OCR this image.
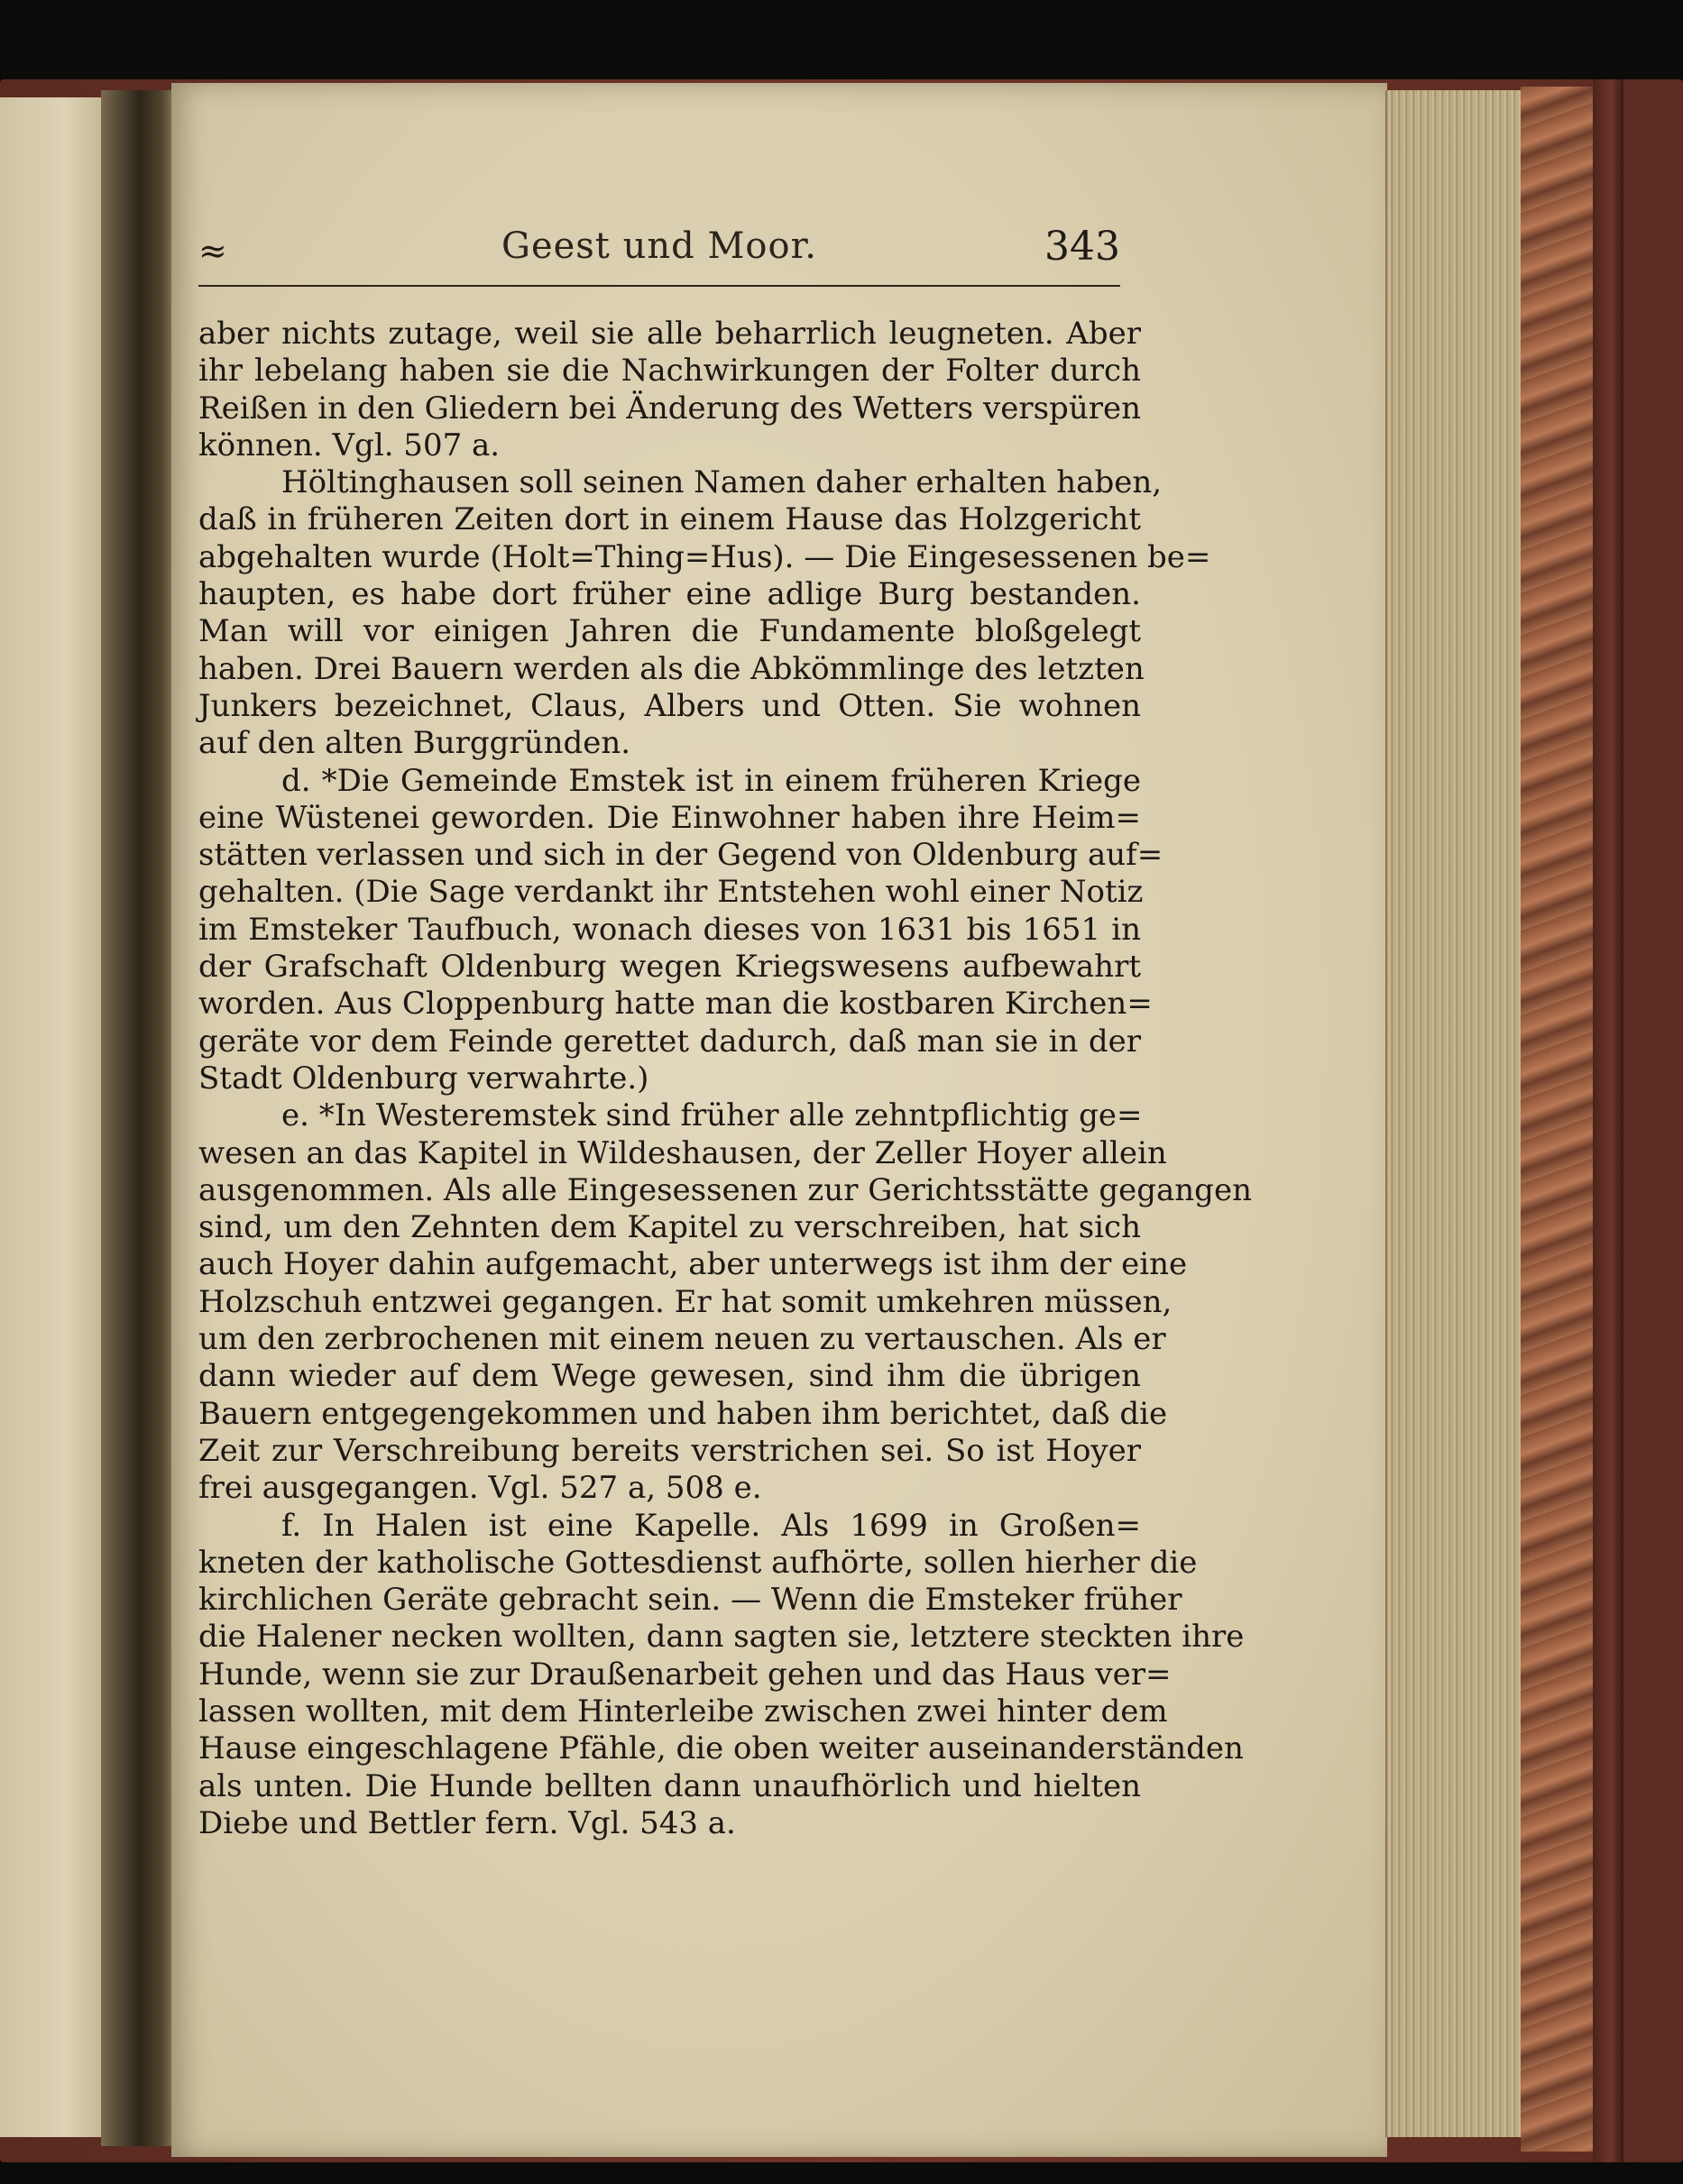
≈	Geest und Moor.	343
aber nichts zutage, weil sie alle beharrlich leugneten. Aber
ihr lebelang haben sie die Nachwirkungen der Folter durch
Reißen in den Gliedern bei Änderung des Wetters verspüren
können. Vgl. 507 a.
Höltinghausen soll seinen Namen daher erhalten haben,
daß in früheren Zeiten dort in einem Hause das Holzgericht
abgehalten wurde (Holt=Thing=Hus). — Die Eingesessenen be=
haupten, es habe dort früher eine adlige Burg bestanden.
Man will vor einigen Jahren die Fundamente bloßgelegt
haben. Drei Bauern werden als die Abkömmlinge des letzten
Junkers bezeichnet, Claus, Albers und Otten. Sie wohnen
auf den alten Burggründen.
d. *Die Gemeinde Emstek ist in einem früheren Kriege
eine Wüstenei geworden. Die Einwohner haben ihre Heim=
stätten verlassen und sich in der Gegend von Oldenburg auf=
gehalten. (Die Sage verdankt ihr Entstehen wohl einer Notiz
im Emsteker Taufbuch, wonach dieses von 1631 bis 1651 in
der Grafschaft Oldenburg wegen Kriegswesens aufbewahrt
worden. Aus Cloppenburg hatte man die kostbaren Kirchen=
geräte vor dem Feinde gerettet dadurch, daß man sie in der
Stadt Oldenburg verwahrte.)
e. *In Westeremstek sind früher alle zehntpflichtig ge=
wesen an das Kapitel in Wildeshausen, der Zeller Hoyer allein
ausgenommen. Als alle Eingesessenen zur Gerichtsstätte gegangen
sind, um den Zehnten dem Kapitel zu verschreiben, hat sich
auch Hoyer dahin aufgemacht, aber unterwegs ist ihm der eine
Holzschuh entzwei gegangen. Er hat somit umkehren müssen,
um den zerbrochenen mit einem neuen zu vertauschen. Als er
dann wieder auf dem Wege gewesen, sind ihm die übrigen
Bauern entgegengekommen und haben ihm berichtet, daß die
Zeit zur Verschreibung bereits verstrichen sei. So ist Hoyer
frei ausgegangen. Vgl. 527 a, 508 e.
f. In Halen ist eine Kapelle. Als 1699 in Großen=
kneten der katholische Gottesdienst aufhörte, sollen hierher die
kirchlichen Geräte gebracht sein. — Wenn die Emsteker früher
die Halener necken wollten, dann sagten sie, letztere steckten ihre
Hunde, wenn sie zur Draußenarbeit gehen und das Haus ver=
lassen wollten, mit dem Hinterleibe zwischen zwei hinter dem
Hause eingeschlagene Pfähle, die oben weiter auseinanderständen
als unten. Die Hunde bellten dann unaufhörlich und hielten
Diebe und Bettler fern. Vgl. 543 a.
